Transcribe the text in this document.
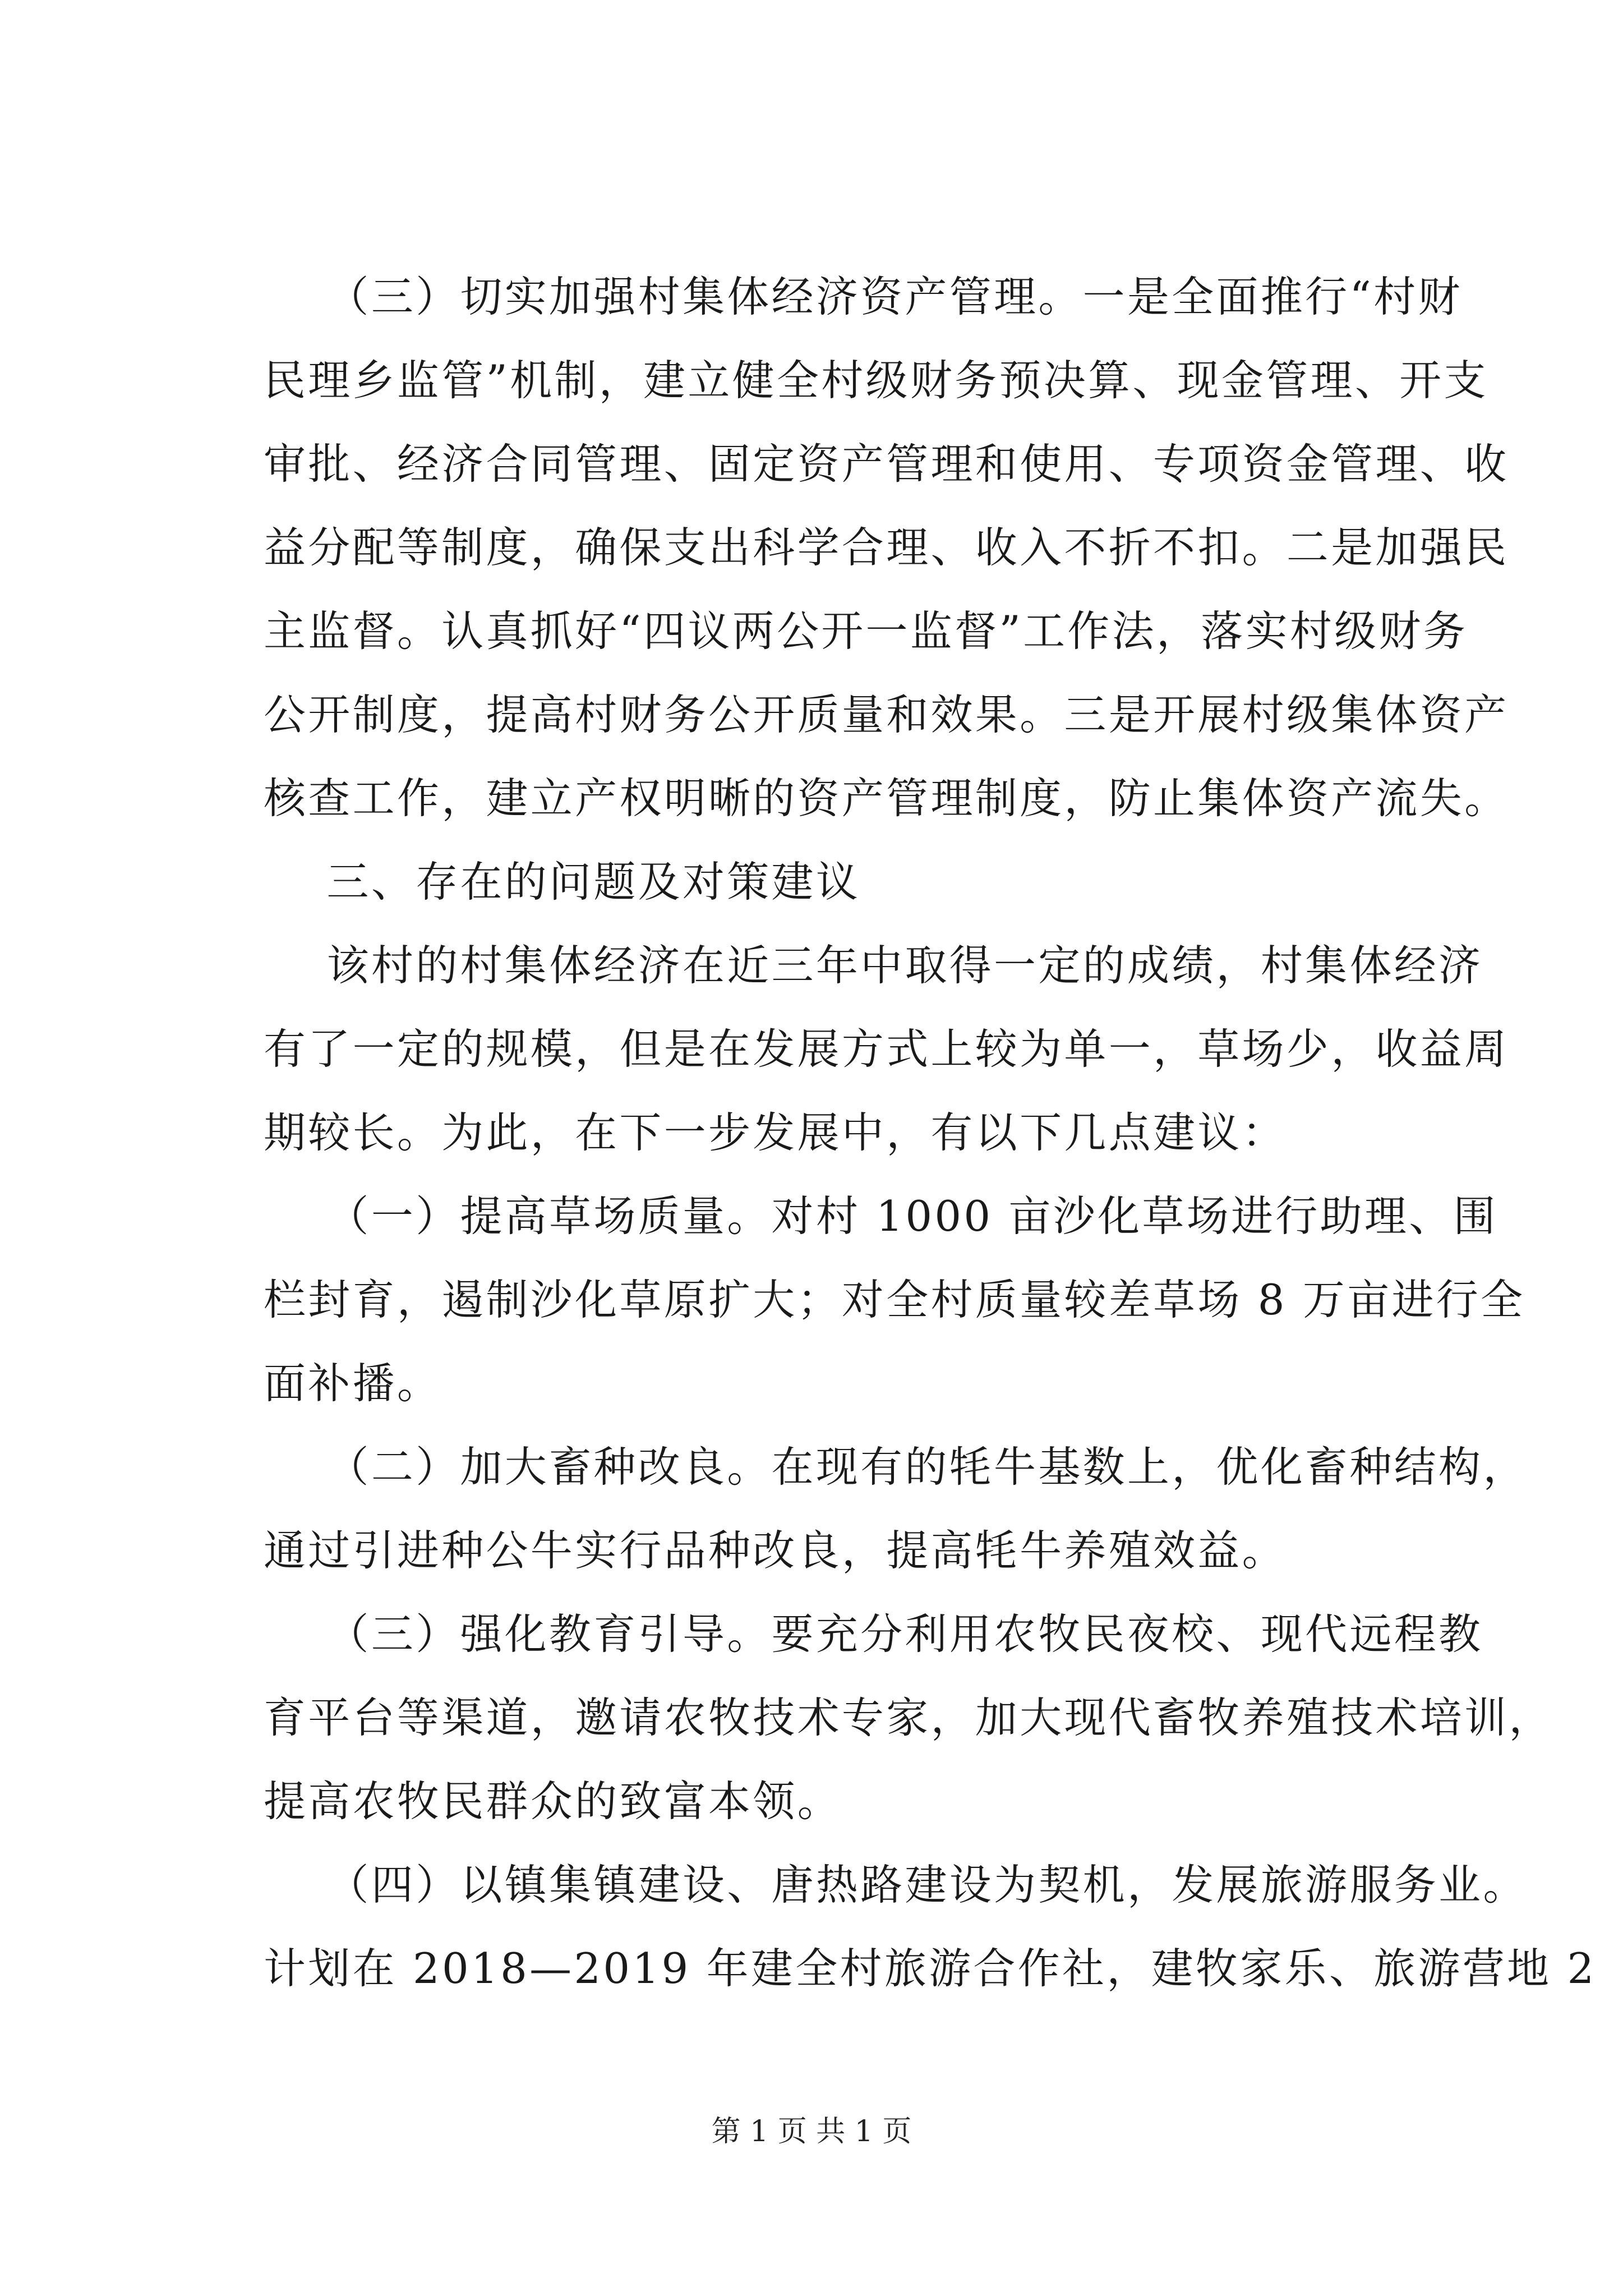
（三）切实加强村集体经济资产管理。一是全面推行“村财
民理乡监管”机制，建立健全村级财务预决算、现金管理、开支
审批、经济合同管理、固定资产管理和使用、专项资金管理、收
益分配等制度，确保支出科学合理、收入不折不扣。二是加强民
主监督。认真抓好“四议两公开一监督”工作法，落实村级财务
公开制度，提高村财务公开质量和效果。三是开展村级集体资产
核查工作，建立产权明晰的资产管理制度，防止集体资产流失。
三、存在的问题及对策建议
该村的村集体经济在近三年中取得一定的成绩，村集体经济
有了一定的规模，但是在发展方式上较为单一，草场少，收益周
期较长。为此，在下一步发展中，有以下几点建议：
（一）提高草场质量。对村 1000 亩沙化草场进行助理、围
栏封育，遏制沙化草原扩大；对全村质量较差草场 8 万亩进行全
面补播。
（二）加大畜种改良。在现有的牦牛基数上，优化畜种结构，
通过引进种公牛实行品种改良，提高牦牛养殖效益。
（三）强化教育引导。要充分利用农牧民夜校、现代远程教
育平台等渠道，邀请农牧技术专家，加大现代畜牧养殖技术培训，
提高农牧民群众的致富本领。
（四）以镇集镇建设、唐热路建设为契机，发展旅游服务业。
计划在 2018—2019 年建全村旅游合作社，建牧家乐、旅游营地 2
第 1 页 共 1 页
